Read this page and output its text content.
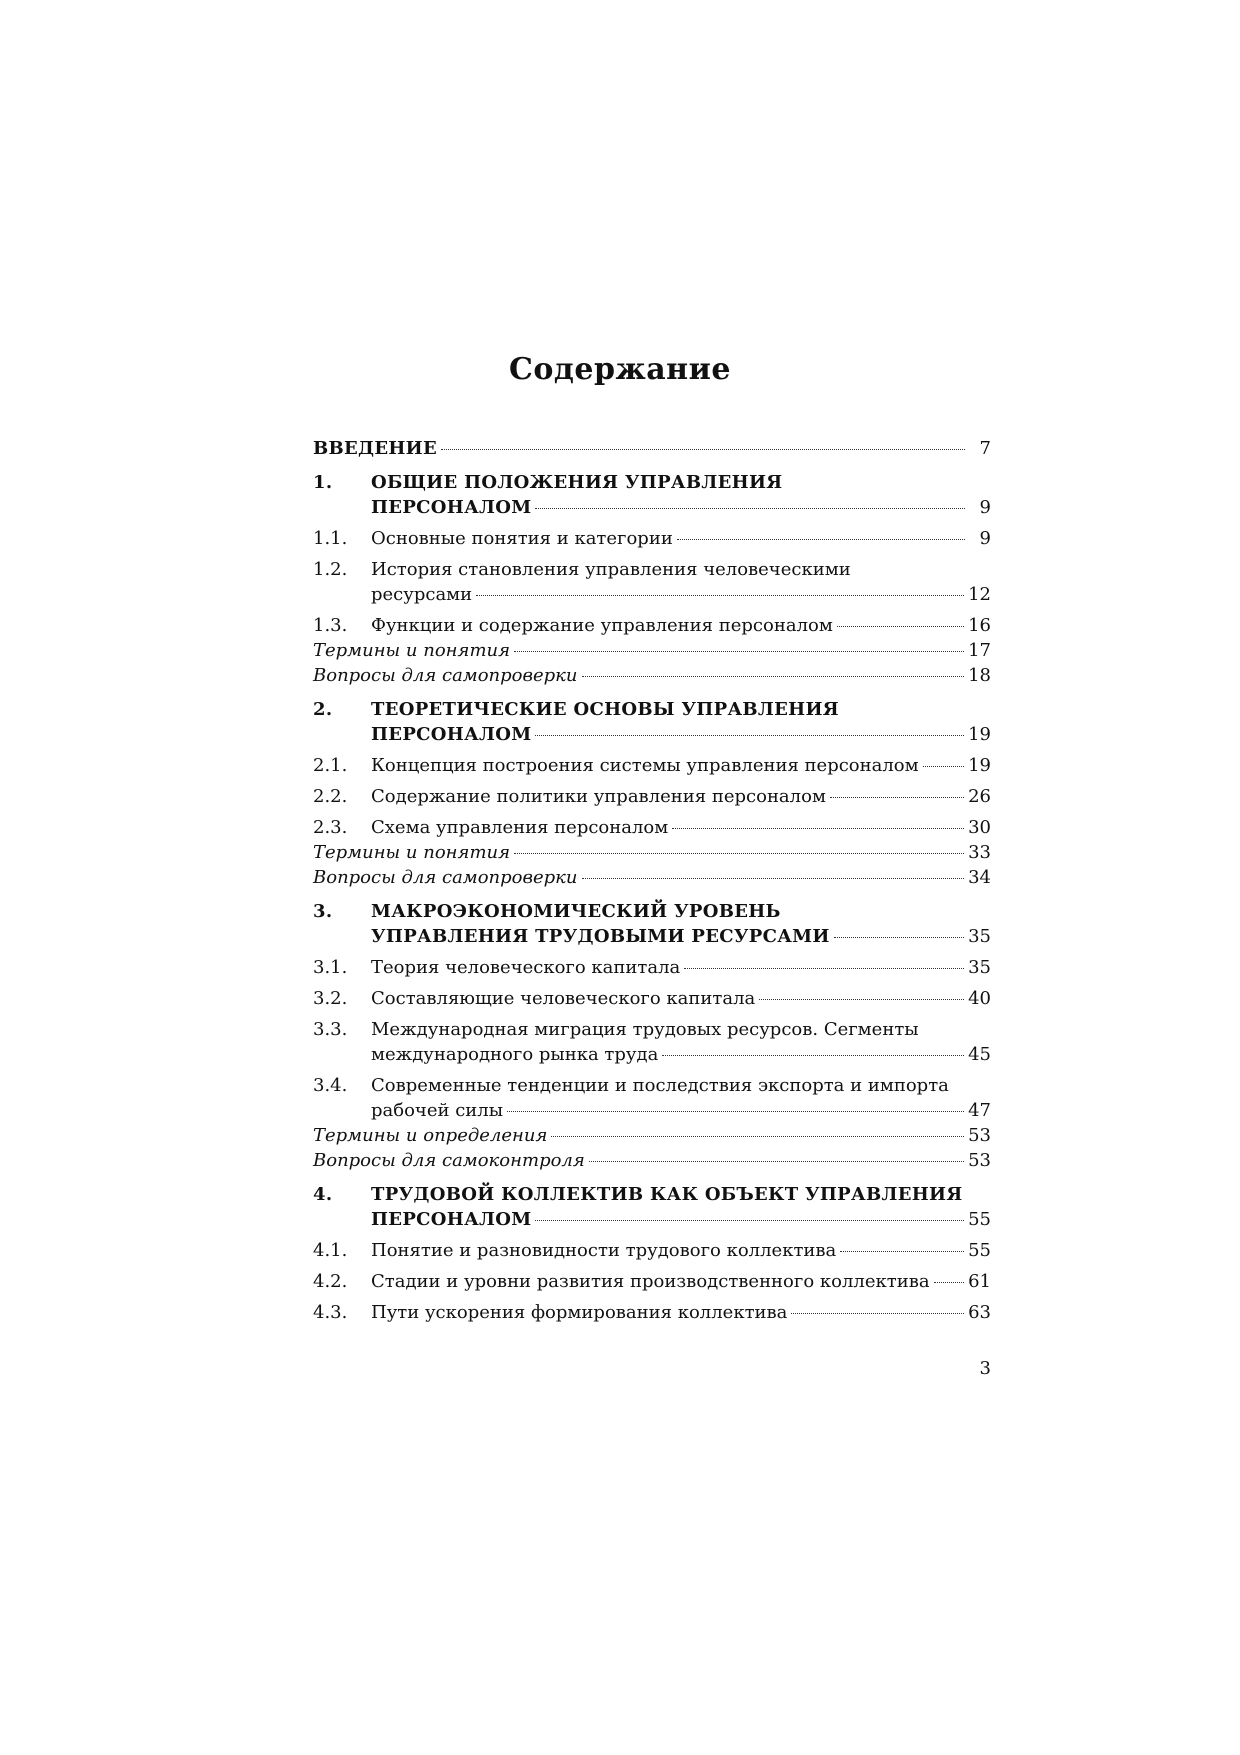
Содержание
ВВЕДЕНИЕ	7
1. ОБЩИЕ ПОЛОЖЕНИЯ УПРАВЛЕНИЯ
ПЕРСОНАЛОМ	9
1.1. Основные понятия и категории	9
1.2. История становления управления человеческими
ресурсами	12
1.3. Функции и содержание управления персоналом	16
Термины и понятия	17
Вопросы для самопроверки	18
2. ТЕОРЕТИЧЕСКИЕ ОСНОВЫ УПРАВЛЕНИЯ
ПЕРСОНАЛОМ	19
2.1. Концепция построения системы управления персоналом	19
2.2. Содержание политики управления персоналом	26
2.3. Схема управления персоналом	30
Термины и понятия	33
Вопросы для самопроверки	34
3. МАКРОЭКОНОМИЧЕСКИЙ УРОВЕНЬ
УПРАВЛЕНИЯ ТРУДОВЫМИ РЕСУРСАМИ	35
3.1. Теория человеческого капитала	35
3.2. Составляющие человеческого капитала	40
3.3. Международная миграция трудовых ресурсов. Сегменты
международного рынка труда	45
3.4. Современные тенденции и последствия экспорта и импорта
рабочей силы	47
Термины и определения	53
Вопросы для самоконтроля	53
4. ТРУДОВОЙ КОЛЛЕКТИВ КАК ОБЪЕКТ УПРАВЛЕНИЯ
ПЕРСОНАЛОМ	55
4.1. Понятие и разновидности трудового коллектива	55
4.2. Стадии и уровни развития производственного коллектива 61
4.3. Пути ускорения формирования коллектива	63
3
